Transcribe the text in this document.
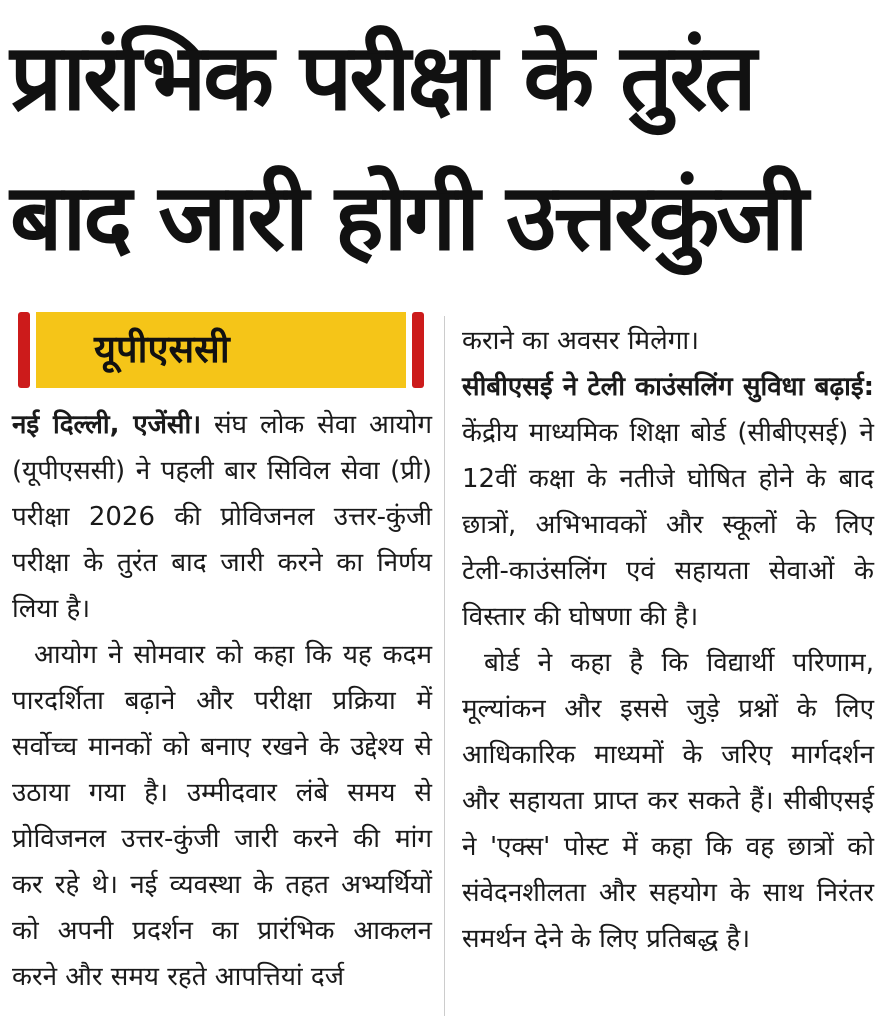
प्रारंभिक परीक्षा के तुरंत
बाद जारी होगी उत्तरकुंजी
यूपीएससी

नई दिल्ली, एजेंसी। संघ लोक सेवा आयोग (यूपीएससी) ने पहली बार सिविल सेवा (प्री) परीक्षा 2026 की प्रोविजनल उत्तर-कुंजी परीक्षा के तुरंत बाद जारी करने का निर्णय लिया है।

आयोग ने सोमवार को कहा कि यह कदम पारदर्शिता बढ़ाने और परीक्षा प्रक्रिया में सर्वोच्च मानकों को बनाए रखने के उद्देश्य से उठाया गया है। उम्मीदवार लंबे समय से प्रोविजनल उत्तर-कुंजी जारी करने की मांग कर रहे थे। नई व्यवस्था के तहत अभ्यर्थियों को अपनी प्रदर्शन का प्रारंभिक आकलन करने और समय रहते आपत्तियां दर्ज

कराने का अवसर मिलेगा।

सीबीएसई ने टेली काउंसलिंग सुविधा बढ़ाई: केंद्रीय माध्यमिक शिक्षा बोर्ड (सीबीएसई) ने 12वीं कक्षा के नतीजे घोषित होने के बाद छात्रों, अभिभावकों और स्कूलों के लिए टेली-काउंसलिंग एवं सहायता सेवाओं के विस्तार की घोषणा की है।

बोर्ड ने कहा है कि विद्यार्थी परिणाम, मूल्यांकन और इससे जुड़े प्रश्नों के लिए आधिकारिक माध्यमों के जरिए मार्गदर्शन और सहायता प्राप्त कर सकते हैं। सीबीएसई ने 'एक्स' पोस्ट में कहा कि वह छात्रों को संवेदनशीलता और सहयोग के साथ निरंतर समर्थन देने के लिए प्रतिबद्ध है।
